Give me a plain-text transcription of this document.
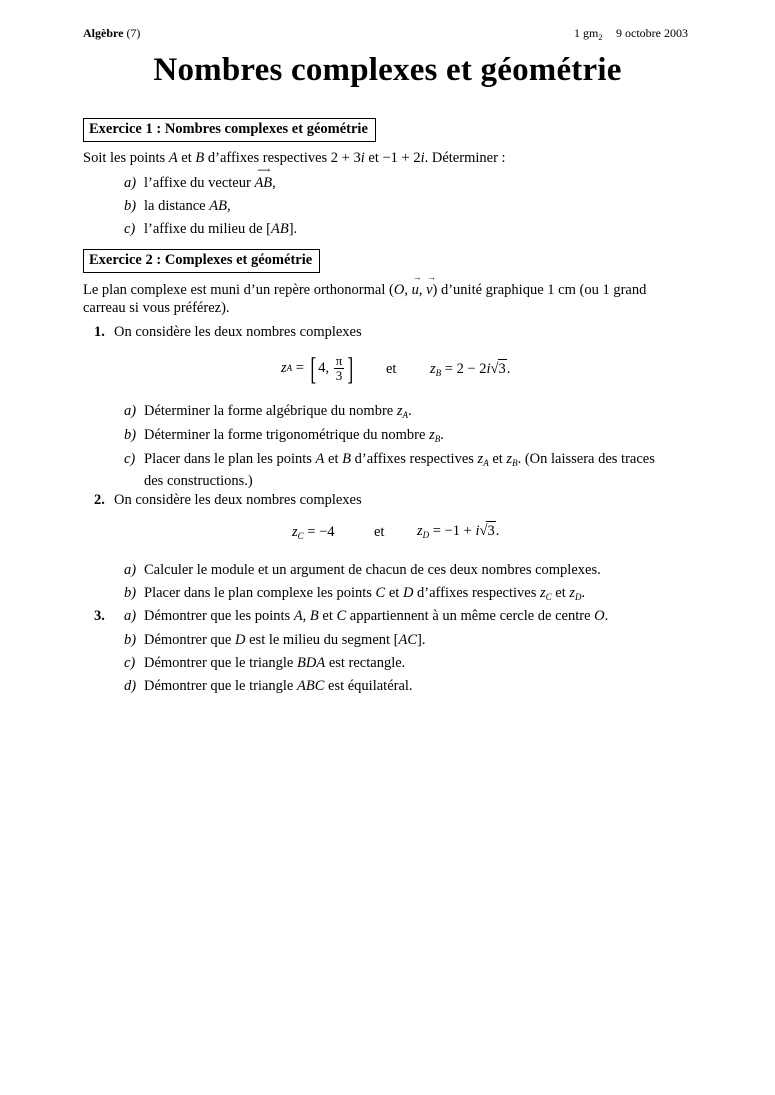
Algèbre (7)	1 $gm_2$ 9 octobre 2003
Nombres complexes et géométrie
Exercice 1 : Nombres complexes et géométrie
Soit les points A et B d’affixes respectives 2 + 3i et −1 + 2i. Déterminer :
a) l’affixe du vecteur
⟶
AB,
b) la distance AB,
c) l’affixe du milieu de [AB].
Exercice 2 : Complexes et géométrie
Le plan complexe est muni d’un repère orthonormal (O,
→
u,
→
v) d’unité graphique 1 cm (ou 1 grand
carreau si vous préférez).
1. On considère les deux nombres complexes
z A = [ 4,
$\frac{\pi}{3}$ ] et $z_B = 2 - 2i√3$.
a) Déterminer la forme algébrique du nombre $z_A$.
b) Déterminer la forme trigonométrique du nombre $z_B$.
c) Placer dans le plan les points A et B d’affixes respectives $z_A$ et $z_B$. (On laissera des traces
des constructions.)
2. On considère les deux nombres complexes
$z_C = -4$	et $z_D = -1 + i√3$.
a) Calculer le module et un argument de chacun de ces deux nombres complexes.
b) Placer dans le plan complexe les points C et D d’affixes respectives $z_C$ et $z_D$.
3. a) Démontrer que les points A, B et C appartiennent à un même cercle de centre O.
b) Démontrer que D est le milieu du segment [AC].
c) Démontrer que le triangle BDA est rectangle.
d) Démontrer que le triangle ABC est équilatéral.
